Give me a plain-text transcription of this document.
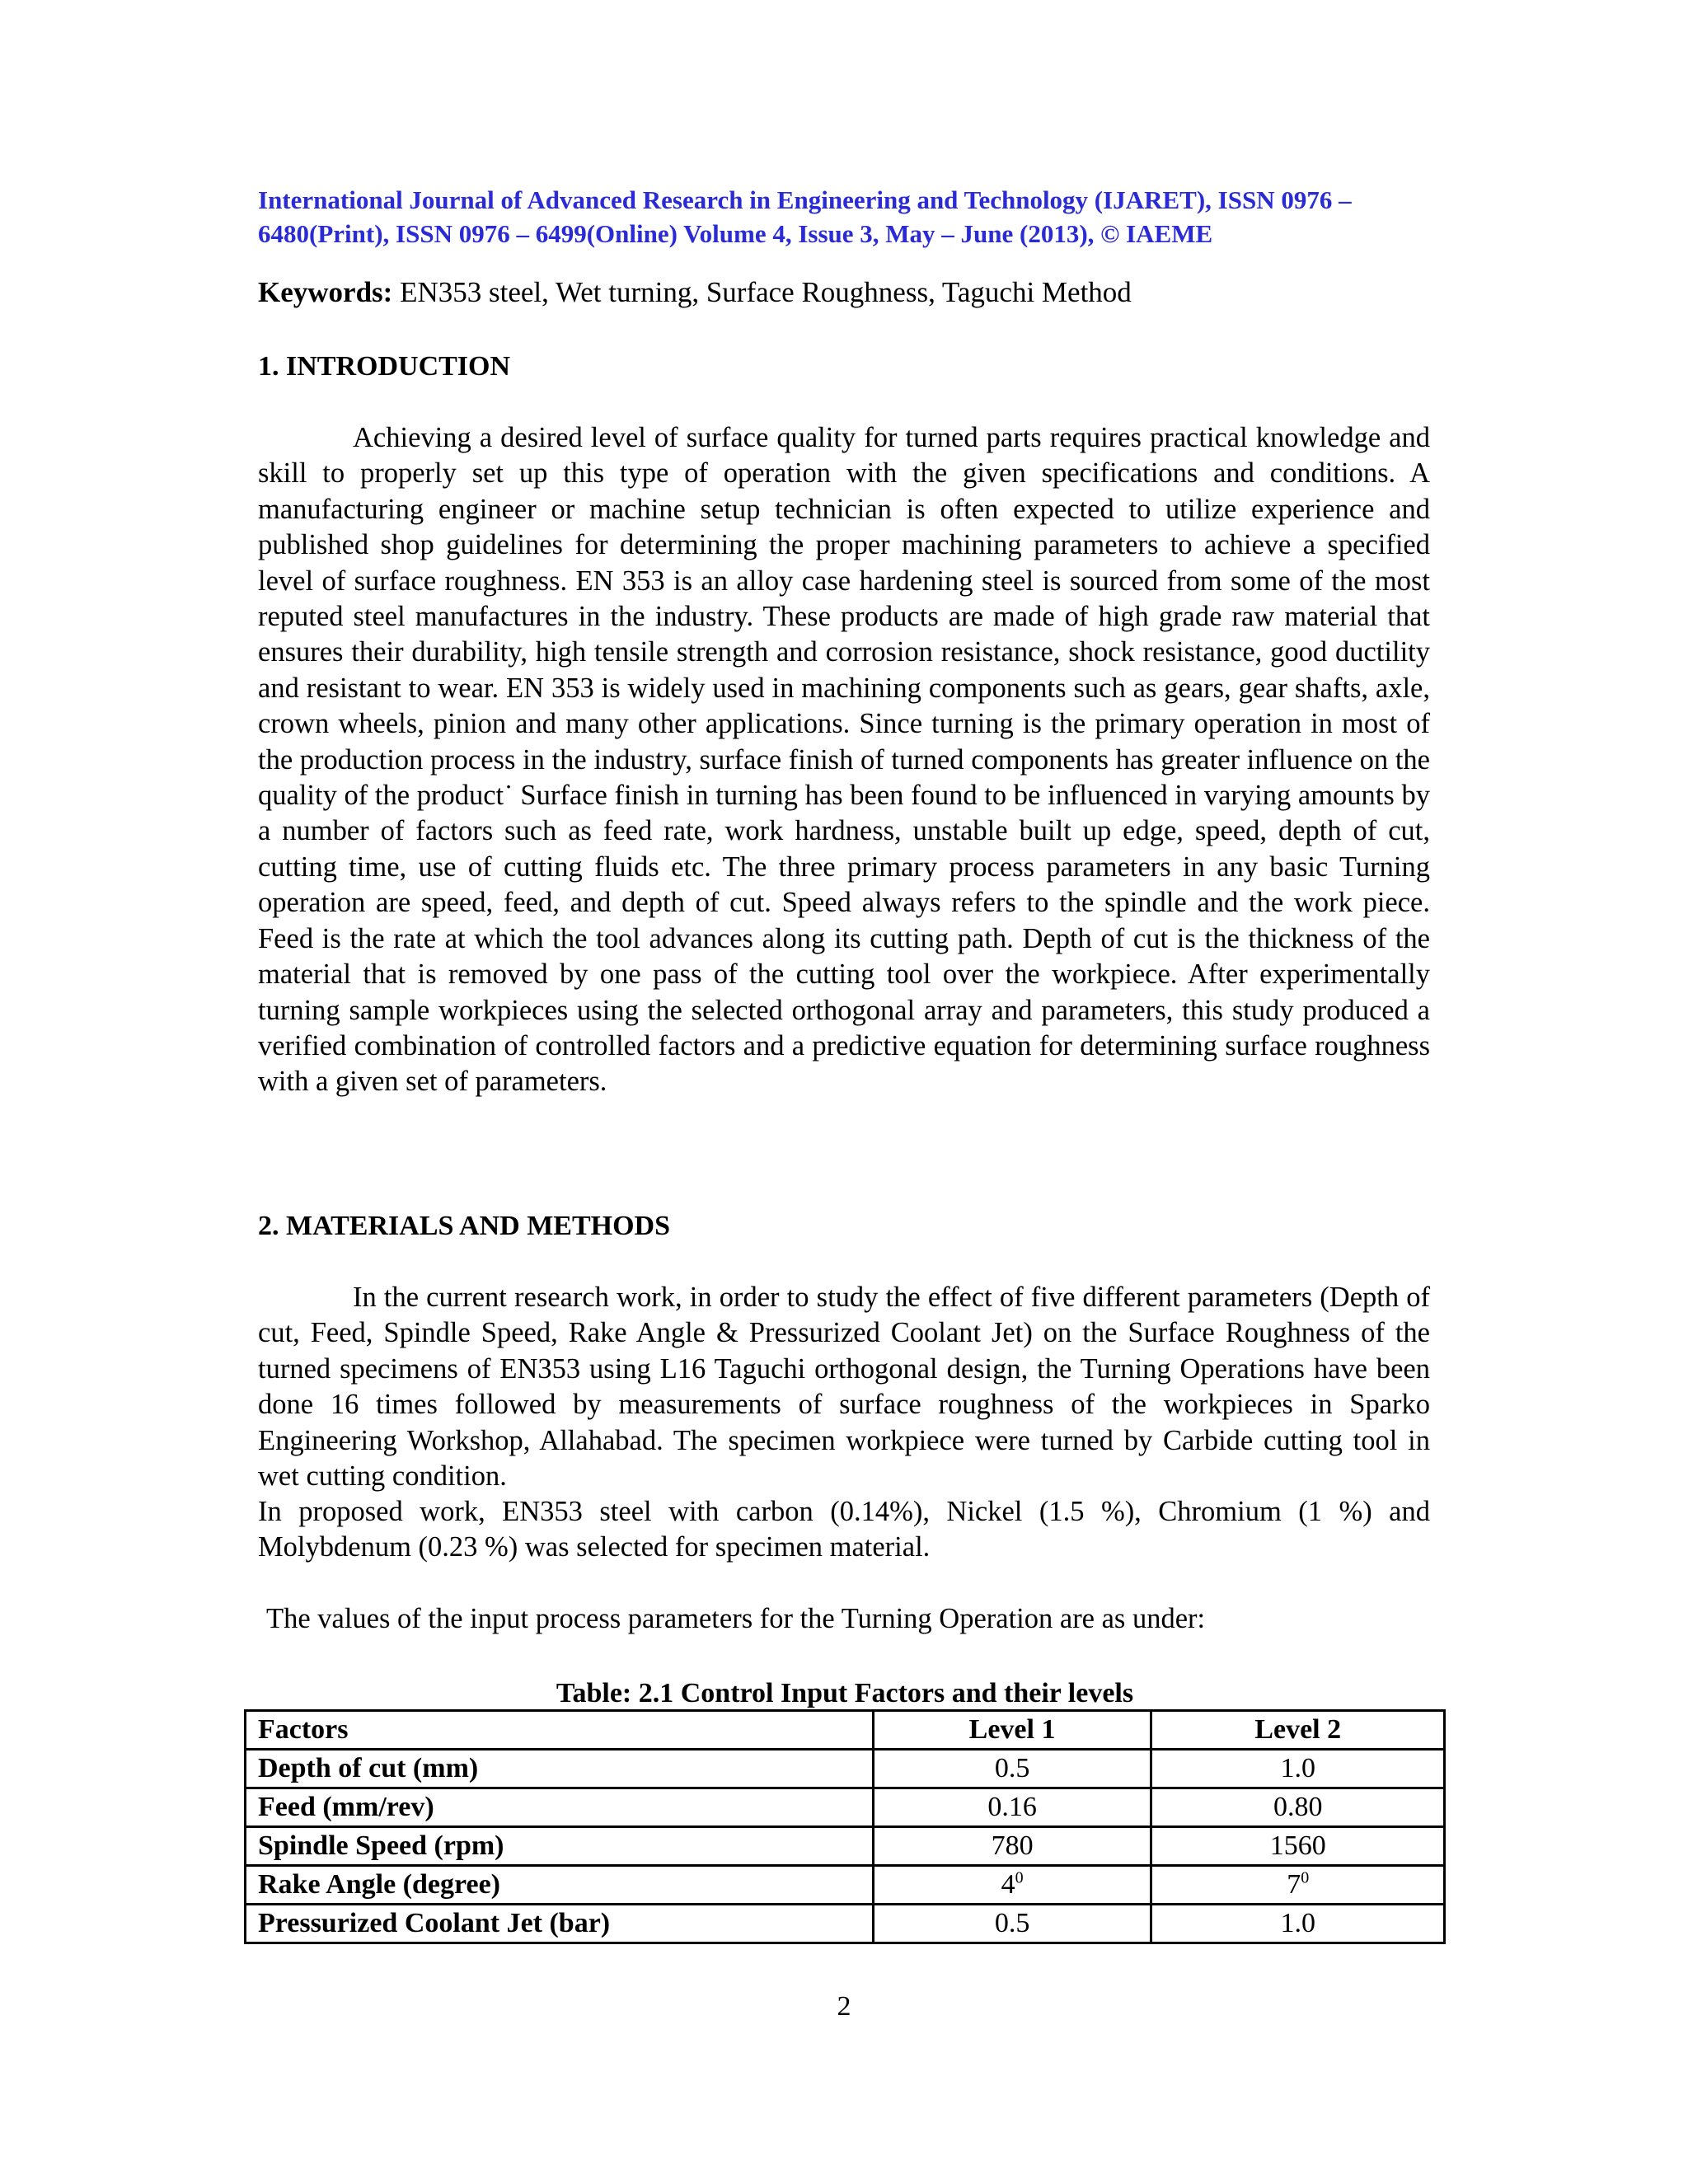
International Journal of Advanced Research in Engineering and Technology (IJARET), ISSN 0976 –
6480(Print), ISSN 0976 – 6499(Online) Volume 4, Issue 3, May – June (2013), © IAEME
Keywords: EN353 steel, Wet turning, Surface Roughness, Taguchi Method
1. INTRODUCTION

Achieving a desired level of surface quality for turned parts requires practical knowledge and skill to properly set up this type of operation with the given specifications and conditions. A manufacturing engineer or machine setup technician is often expected to utilize experience and published shop guidelines for determining the proper machining parameters to achieve a specified level of surface roughness. EN 353 is an alloy case hardening steel is sourced from some of the most reputed steel manufactures in the industry. These products are made of high grade raw material that ensures their durability, high tensile strength and corrosion resistance, shock resistance, good ductility and resistant to wear. EN 353 is widely used in machining components such as gears, gear shafts, axle, crown wheels, pinion and many other applications. Since turning is the primary operation in most of the production process in the industry, surface finish of turned components has greater influence on the quality of the product˙ Surface finish in turning has been found to be influenced in varying amounts by a number of factors such as feed rate, work hardness, unstable built up edge, speed, depth of cut, cutting time, use of cutting fluids etc. The three primary process parameters in any basic Turning operation are speed, feed, and depth of cut. Speed always refers to the spindle and the work piece. Feed is the rate at which the tool advances along its cutting path. Depth of cut is the thickness of the material that is removed by one pass of the cutting tool over the workpiece. After experimentally turning sample workpieces using the selected orthogonal array and parameters, this study produced a verified combination of controlled factors and a predictive equation for determining surface roughness with a given set of parameters.

2. MATERIALS AND METHODS

In the current research work, in order to study the effect of five different parameters (Depth of cut, Feed, Spindle Speed, Rake Angle & Pressurized Coolant Jet) on the Surface Roughness of the turned specimens of EN353 using L16 Taguchi orthogonal design, the Turning Operations have been done 16 times followed by measurements of surface roughness of the workpieces in Sparko Engineering Workshop, Allahabad. The specimen workpiece were turned by Carbide cutting tool in wet cutting condition.

In proposed work, EN353 steel with carbon (0.14%), Nickel (1.5 %), Chromium (1 %) and Molybdenum (0.23 %) was selected for specimen material.

The values of the input process parameters for the Turning Operation are as under:

Table: 2.1 Control Input Factors and their levels
Factors	Level 1	Level 2
Depth of cut (mm)	0.5	1.0
Feed (mm/rev)	0.16	0.80
Spindle Speed (rpm)	780	1560
Rake Angle (degree)	$4^0$	$7^0$
Pressurized Coolant Jet (bar)	0.5	1.0
2
